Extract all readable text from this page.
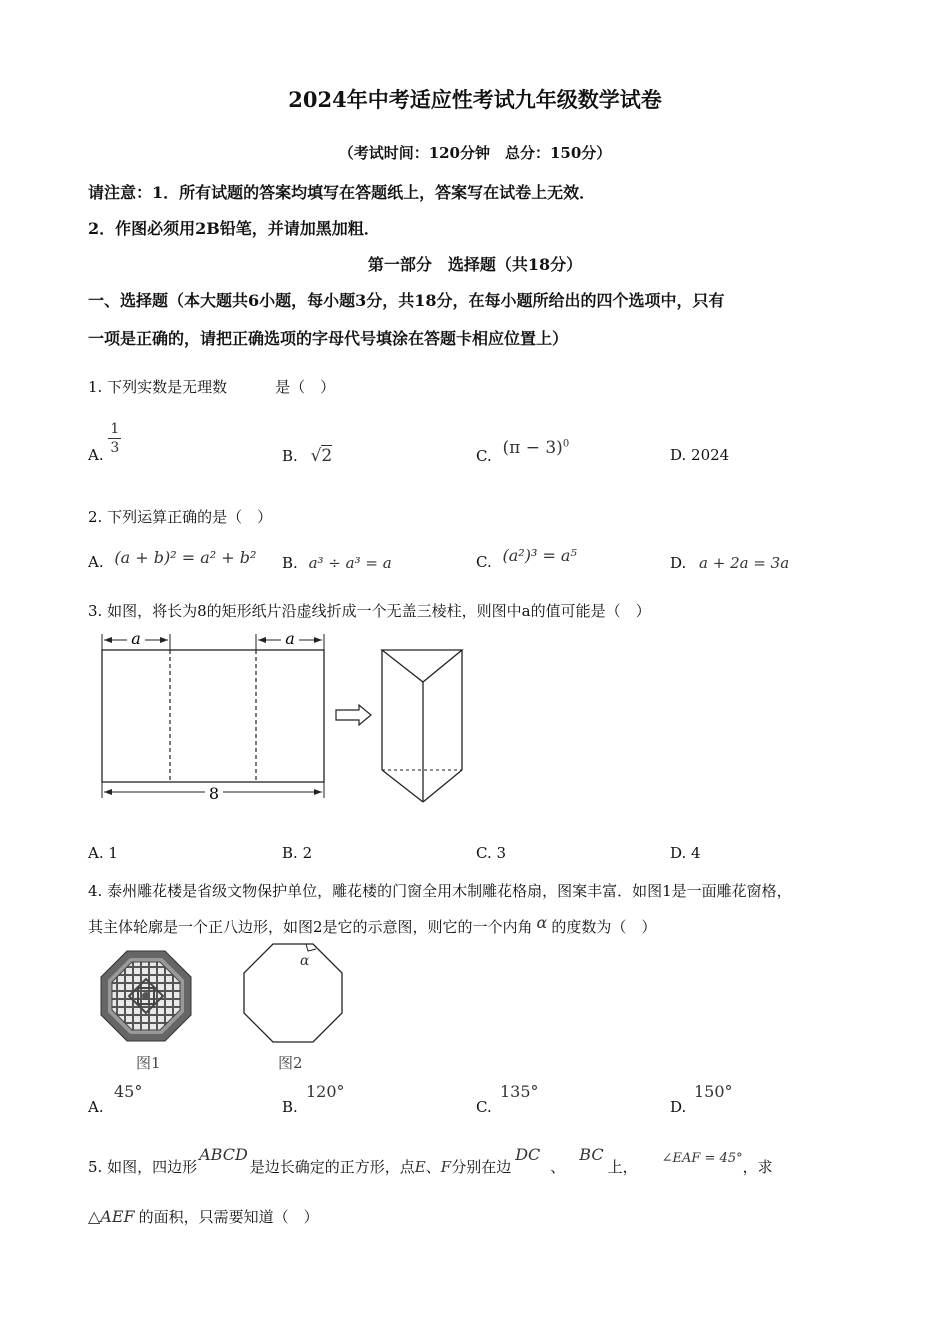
2024年中考适应性考试九年级数学试卷
（考试时间：120分钟　总分：150分）
请注意：1．所有试题的答案均填写在答题纸上，答案写在试卷上无效．
2．作图必须用2B铅笔，并请加黑加粗．
第一部分　选择题（共18分）
一、选择题（本大题共6小题，每小题3分，共18分，在每小题所给出的四个选项中，只有
一项是正确的，请把正确选项的字母代号填涂在答题卡相应位置上）
1. 下列实数是无理数	是（　）
A. $\frac{1}{3}$	B. √2	C. $(\pi - 3)^0$
D. 2024
2. 下列运算正确的是（　）
A. (a + b)² = a² + b² B. a³ ÷ a³ = a	C. (a²)³ = a⁵	D. a + 2a = 3a
3. 如图，将长为8的矩形纸片沿虚线折成一个无盖三棱柱，则图中a的值可能是（　）
a	a
8
A. 1	B. 2	C. 3	D. 4
4. 泰州雕花楼是省级文物保护单位，雕花楼的门窗全用木制雕花格扇，图案丰富．如图1是一面雕花窗格，
其主体轮廓是一个正八边形，如图2是它的示意图，则它的一个内角 α 的度数为（　）
图1
α
图2
A.
45°
B.
120°
C.
135°
D.
150°
5. 如图，四边形ABCD是边长确定的正方形，点E、F分别在边DC、BC上， ∠EAF = 45°，求
△AEF 的面积，只需要知道（　）
